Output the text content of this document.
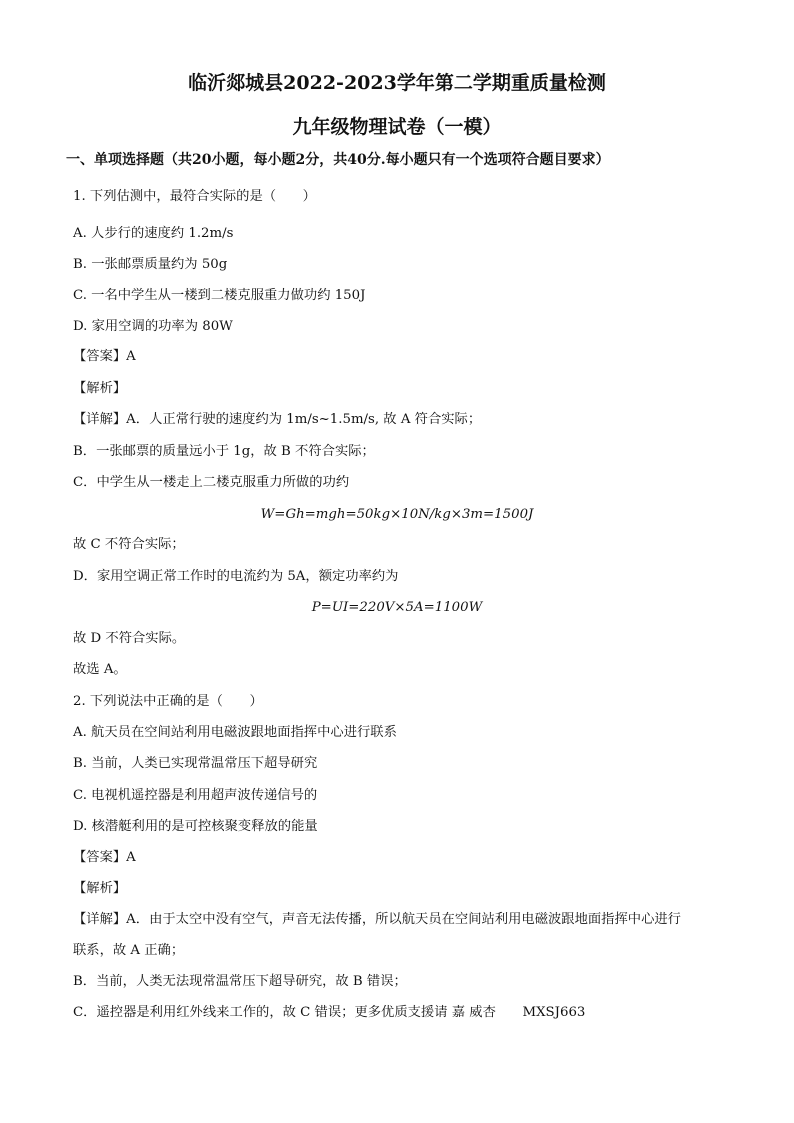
临沂郯城县2022-2023学年第二学期重质量检测
九年级物理试卷（一模）
一、单项选择题（共20小题，每小题2分，共40分.每小题只有一个选项符合题目要求）
1. 下列估测中，最符合实际的是（　　）
A. 人步行的速度约 1.2m/s
B. 一张邮票质量约为 50g
C. 一名中学生从一楼到二楼克服重力做功约 150J
D. 家用空调的功率为 80W
【答案】A
【解析】
【详解】A．人正常行驶的速度约为 1m/s~1.5m/s, 故 A 符合实际；
B．一张邮票的质量远小于 1g，故 B 不符合实际；
C．中学生从一楼走上二楼克服重力所做的功约
W=Gh=mgh=50kg×10N/kg×3m=1500J
故 C 不符合实际；
D．家用空调正常工作时的电流约为 5A，额定功率约为
P=UI=220V×5A=1100W
故 D 不符合实际。
故选 A。
2. 下列说法中正确的是（　　）
A. 航天员在空间站利用电磁波跟地面指挥中心进行联系
B. 当前，人类已实现常温常压下超导研究
C. 电视机遥控器是利用超声波传递信号的
D. 核潜艇利用的是可控核聚变释放的能量
【答案】A
【解析】
【详解】A．由于太空中没有空气，声音无法传播，所以航天员在空间站利用电磁波跟地面指挥中心进行
联系，故 A 正确；
B．当前，人类无法现常温常压下超导研究，故 B 错误；
C．遥控器是利用红外线来工作的，故 C 错误；更多优质支援请 嘉 威杏　　MXSJ663
